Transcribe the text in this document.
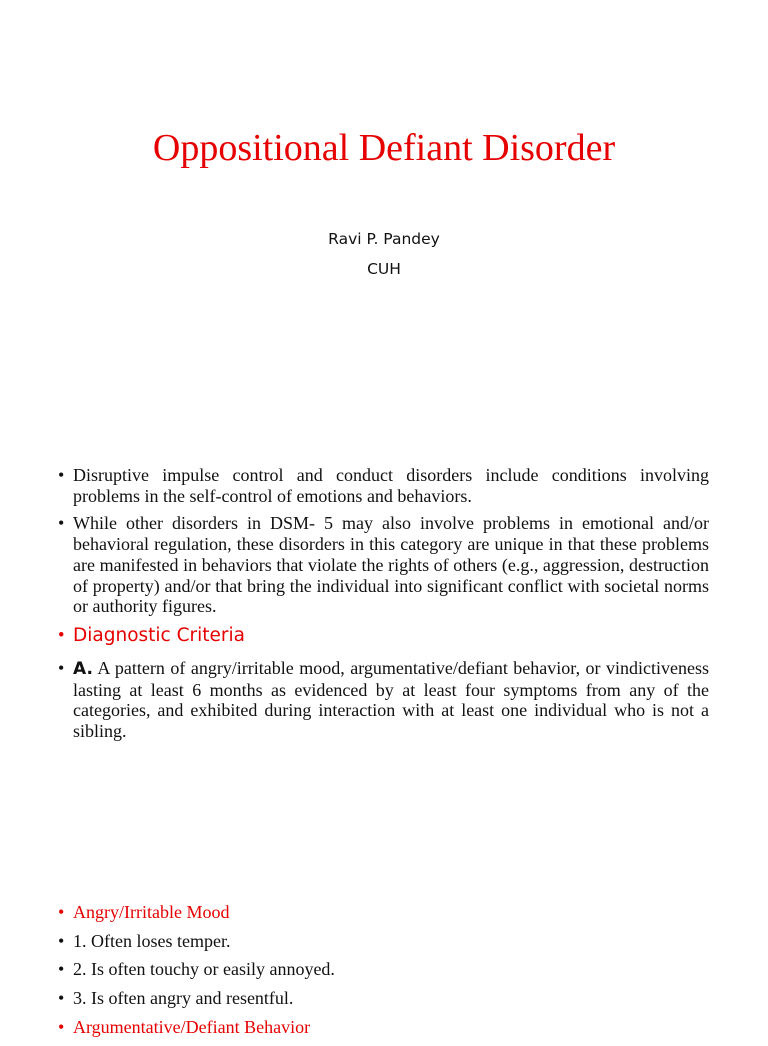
Oppositional Defiant Disorder
Ravi P. Pandey
CUH
• Disruptive impulse control and conduct disorders include conditions involving problems in the self-control of emotions and behaviors.
• While other disorders in DSM- 5 may also involve problems in emotional and/or behavioral regulation, these disorders in this category are unique in that these problems are manifested in behaviors that violate the rights of others (e.g., aggression, destruction of property) and/or that bring the individual into significant conflict with societal norms or authority figures.
• Diagnostic Criteria
• A. A pattern of angry/irritable mood, argumentative/defiant behavior, or vindictiveness lasting at least 6 months as evidenced by at least four symptoms from any of the categories, and exhibited during interaction with at least one individual who is not a sibling.
• Angry/Irritable Mood
• 1. Often loses temper.
• 2. Is often touchy or easily annoyed.
• 3. Is often angry and resentful.
• Argumentative/Defiant Behavior
